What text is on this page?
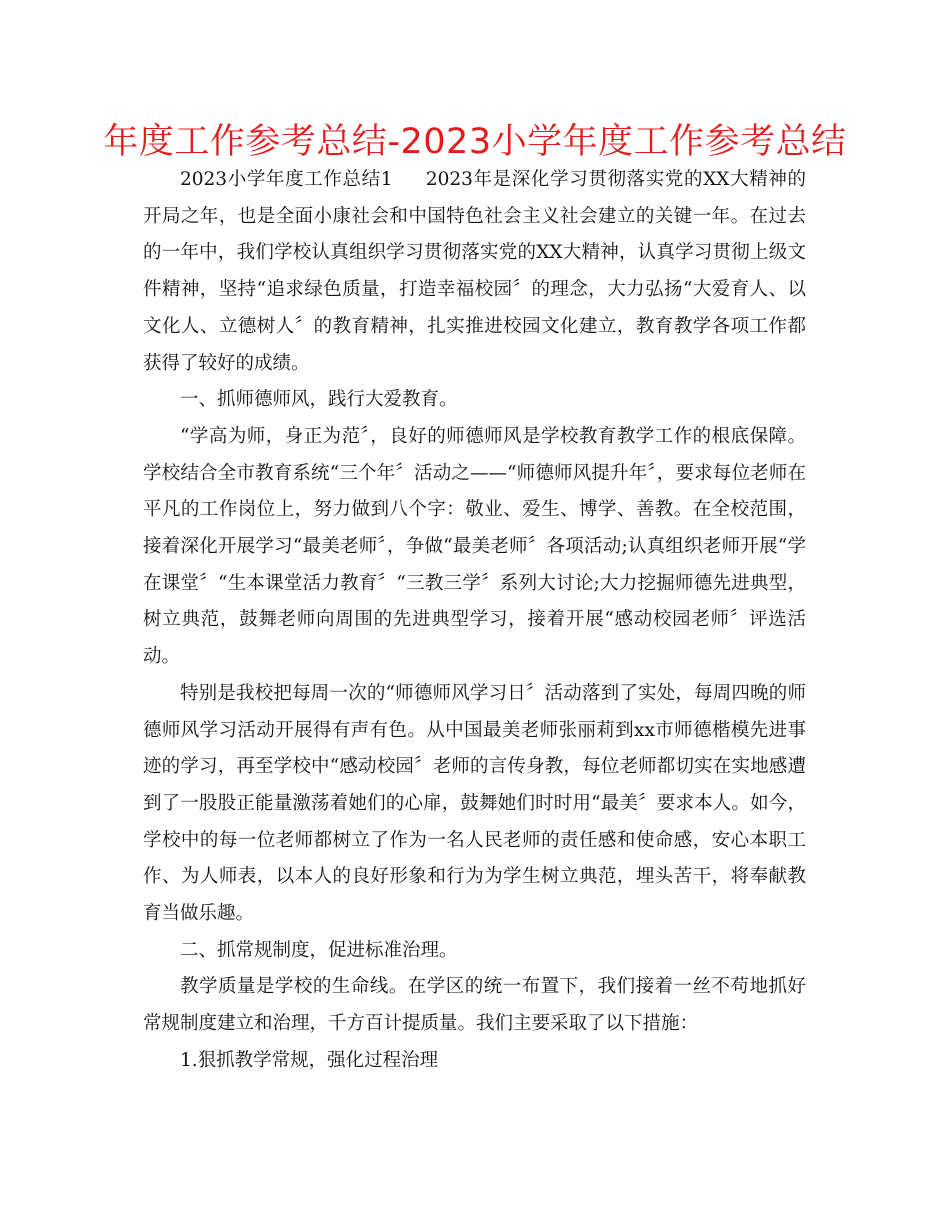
年度工作参考总结-2023小学年度工作参考总结

2023小学年度工作总结1 2023年是深化学习贯彻落实党的XX大精神的开局之年，也是全面小康社会和中国特色社会主义社会建立的关键一年。在过去的一年中，我们学校认真组织学习贯彻落实党的XX大精神，认真学习贯彻上级文件精神，坚持“追求绿色质量，打造幸福校园〞的理念，大力弘扬“大爱育人、以文化人、立德树人〞的教育精神，扎实推进校园文化建立，教育教学各项工作都获得了较好的成绩。

一、抓师德师风，践行大爱教育。

“学高为师，身正为范〞，良好的师德师风是学校教育教学工作的根底保障。学校结合全市教育系统“三个年〞活动之——“师德师风提升年〞，要求每位老师在平凡的工作岗位上，努力做到八个字：敬业、爱生、博学、善教。在全校范围，接着深化开展学习“最美老师〞，争做“最美老师〞各项活动;认真组织老师开展“学在课堂〞“生本课堂活力教育〞“三教三学〞系列大讨论;大力挖掘师德先进典型，树立典范，鼓舞老师向周围的先进典型学习，接着开展“感动校园老师〞评选活动。

特别是我校把每周一次的“师德师风学习日〞活动落到了实处，每周四晚的师德师风学习活动开展得有声有色。从中国最美老师张丽莉到xx市师德楷模先进事迹的学习，再至学校中“感动校园〞老师的言传身教，每位老师都切实在实地感遭到了一股股正能量激荡着她们的心扉，鼓舞她们时时用“最美〞要求本人。如今，学校中的每一位老师都树立了作为一名人民老师的责任感和使命感，安心本职工作、为人师表，以本人的良好形象和行为为学生树立典范，埋头苦干，将奉献教育当做乐趣。

二、抓常规制度，促进标准治理。

教学质量是学校的生命线。在学区的统一布置下，我们接着一丝不苟地抓好常规制度建立和治理，千方百计提质量。我们主要采取了以下措施：

1.狠抓教学常规，强化过程治理
